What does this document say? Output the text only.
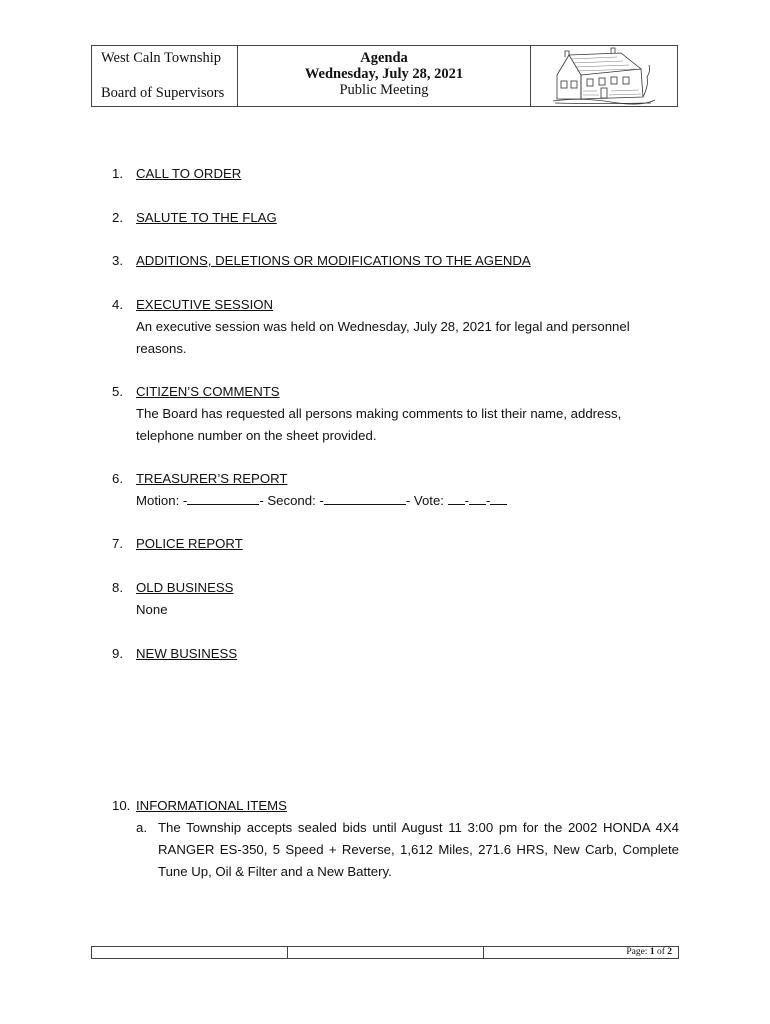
West Caln Township
Board of Supervisors
Agenda
Wednesday, July 28, 2021
Public Meeting
1. CALL TO ORDER
2. SALUTE TO THE FLAG
3. ADDITIONS, DELETIONS OR MODIFICATIONS TO THE AGENDA
4. EXECUTIVE SESSION
An executive session was held on Wednesday, July 28, 2021 for legal and personnel
reasons.
5. CITIZEN’S COMMENTS
The Board has requested all persons making comments to list their name, address,
telephone number on the sheet provided.
6. TREASURER’S REPORT
Motion: -	- Second: -	- Vote: - -
7. POLICE REPORT
8. OLD BUSINESS
None
9. NEW BUSINESS
10. INFORMATIONAL ITEMS
a. The Township accepts sealed bids until August 11 3:00 pm for the 2002 HONDA 4X4 RANGER ES-350, 5 Speed + Reverse, 1,612 Miles, 271.6 HRS, New Carb, Complete Tune Up, Oil & Filter and a New Battery.
Page: 1 of 2
